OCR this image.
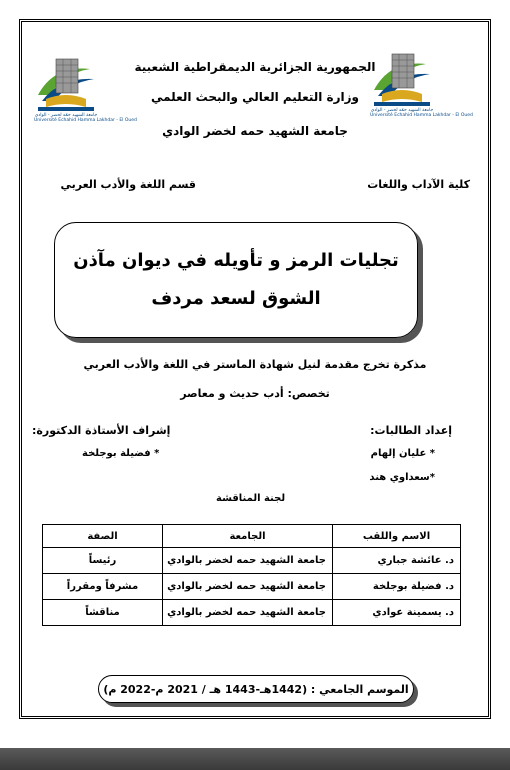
جامعة الشهيد حمّه لخضر - الوادي
Université Echahid Hamma Lakhdar - El Oued
جامعة الشهيد حمّه لخضر - الوادي
Université Echahid Hamma Lakhdar - El Oued
الجمهورية الجزائرية الديمقراطية الشعبية
وزارة التعليم العالي والبحث العلمي
جامعة الشهيد حمه لخضر الوادي
كلية الآداب واللغات
قسم اللغة والأدب العربي
تجليات الرمز و تأويله في ديوان مآذن
الشوق لسعد مردف
مذكرة تخرج مقدمة لنيل شهادة الماستر في اللغة والأدب العربي
تخصص: أدب حديث و معاصر
إعداد الطالبات:
إشراف الأستاذة الدكتورة:
* علیان إلهام
*سعداوي هند
* فضيلة بوجلخة
لجنة المناقشة
الاسم واللقب	الجامعة	الصفة
د. عائشة جباري	جامعة الشهيد حمه لخضر بالوادي	رئيساً
د. فضيلة بوجلخة	جامعة الشهيد حمه لخضر بالوادي	مشرفاً ومقرراً
د. يسمينة عوادي	جامعة الشهيد حمه لخضر بالوادي	مناقشاً
الموسم الجامعي : (1442هـ-1443 هـ / 2021 م-2022 م)
